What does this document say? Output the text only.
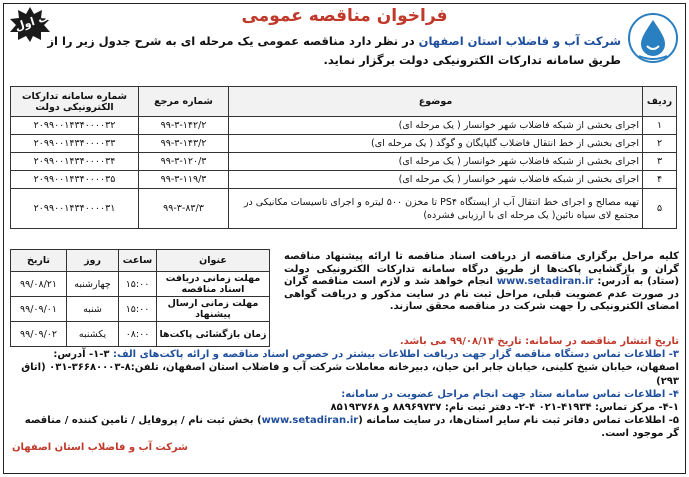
نوبت اول	فراخوان مناقصه عمومی
شرکت آب و فاضلاب استان اصفهان در نظر دارد مناقصه عمومی یک مرحله ای به شرح جدول زیر را از طریق سامانه تدارکات الکترونیکی دولت برگزار نماید.
ردیف	موضوع	شماره مرجع	شماره سامانه تدارکات الکترونیکی دولت
۱	اجرای بخشی از شبکه فاضلاب شهر خوانسار ( یک مرحله ای)	۹۹-۳-۱۴۲/۲	۲۰۹۹۰۰۱۴۳۴۰۰۰۰۳۲
۲	اجرای بخشی از خط انتقال فاضلاب گلپایگان و گوگد ( یک مرحله ای)	۹۹-۳-۱۴۳/۲	۲۰۹۹۰۰۱۴۳۴۰۰۰۰۳۳
۳	اجرای بخشی از شبکه فاضلاب شهر خوانسار ( یک مرحله ای)	۹۹-۳-۱۲۰/۳	۲۰۹۹۰۰۱۴۳۴۰۰۰۰۳۴
۴	اجرای بخشی از شبکه فاضلاب شهر خوانسار ( یک مرحله ای)	۹۹-۳-۱۱۹/۳	۲۰۹۹۰۰۱۴۳۴۰۰۰۰۳۵
۵	تهیه مصالح و اجرای خط انتقال آب از ایستگاه PS۴ تا مخزن ۵۰۰ لیتره و اجرای تاسیسات مکانیکی در مجتمع لای سیاه نائین( یک مرحله ای با ارزیابی فشرده)	۹۹-۳-۸۳/۳	۲۰۹۹۰۰۱۴۳۴۰۰۰۰۳۱
عنوان	ساعت	روز	تاریخ
مهلت زمانی دریافت اسناد مناقصه	۱۵:۰۰	چهارشنبه	۹۹/۰۸/۲۱
مهلت زمانی ارسال پیشنهاد	۱۵:۰۰	شنبه	۹۹/۰۹/۰۱
زمان بازگشائی پاکت‌ها	۰۸:۰۰	یکشنبه	۹۹/۰۹/۰۲
کلیه مراحل برگزاری مناقصه از دریافت اسناد مناقصه تا ارائه پیشنهاد مناقصه گران و بازگشایی پاکت‌ها از طریق درگاه سامانه تدارکات الکترونیکی دولت (ستاد) به آدرس: www.setadiran.ir انجام خواهد شد و لازم است مناقصه گران در صورت عدم عضویت قبلی، مراحل ثبت نام در سایت مذکور و دریافت گواهی امضای الکترونیکی را جهت شرکت در مناقصه محقق سازند.
تاریخ انتشار مناقصه در سامانه: تاریخ ۹۹/۰۸/۱۴ می باشد.
۳- اطلاعات تماس دستگاه مناقصه گزار جهت دریافت اطلاعات بیشتر در خصوص اسناد مناقصه و ارائه پاکت‌های الف: ۳-۱- آدرس: اصفهان، خیابان شیخ کلینی، خیابان جابر ابن حیان، دبیرخانه معاملات شرکت آب و فاضلاب استان اصفهان، تلفن:۸-۳۶۶۸۰۰۰۳-۰۳۱ (اتاق ۲۹۳)
۴- اطلاعات تماس سامانه ستاد جهت انجام مراحل عضویت در سامانه:
۴-۱- مرکز تماس: ۴۱۹۳۴-۰۲۱ ۴-۲- دفتر ثبت نام: ۸۸۹۶۹۷۳۷ و ۸۵۱۹۳۷۶۸
۵- اطلاعات تماس دفاتر ثبت نام سایر استان‌ها، در سایت سامانه (www.setadiran.ir) بخش ثبت نام / پروفایل / تامین کننده / مناقصه گر موجود است.
شرکت آب و فاضلاب استان اصفهان
